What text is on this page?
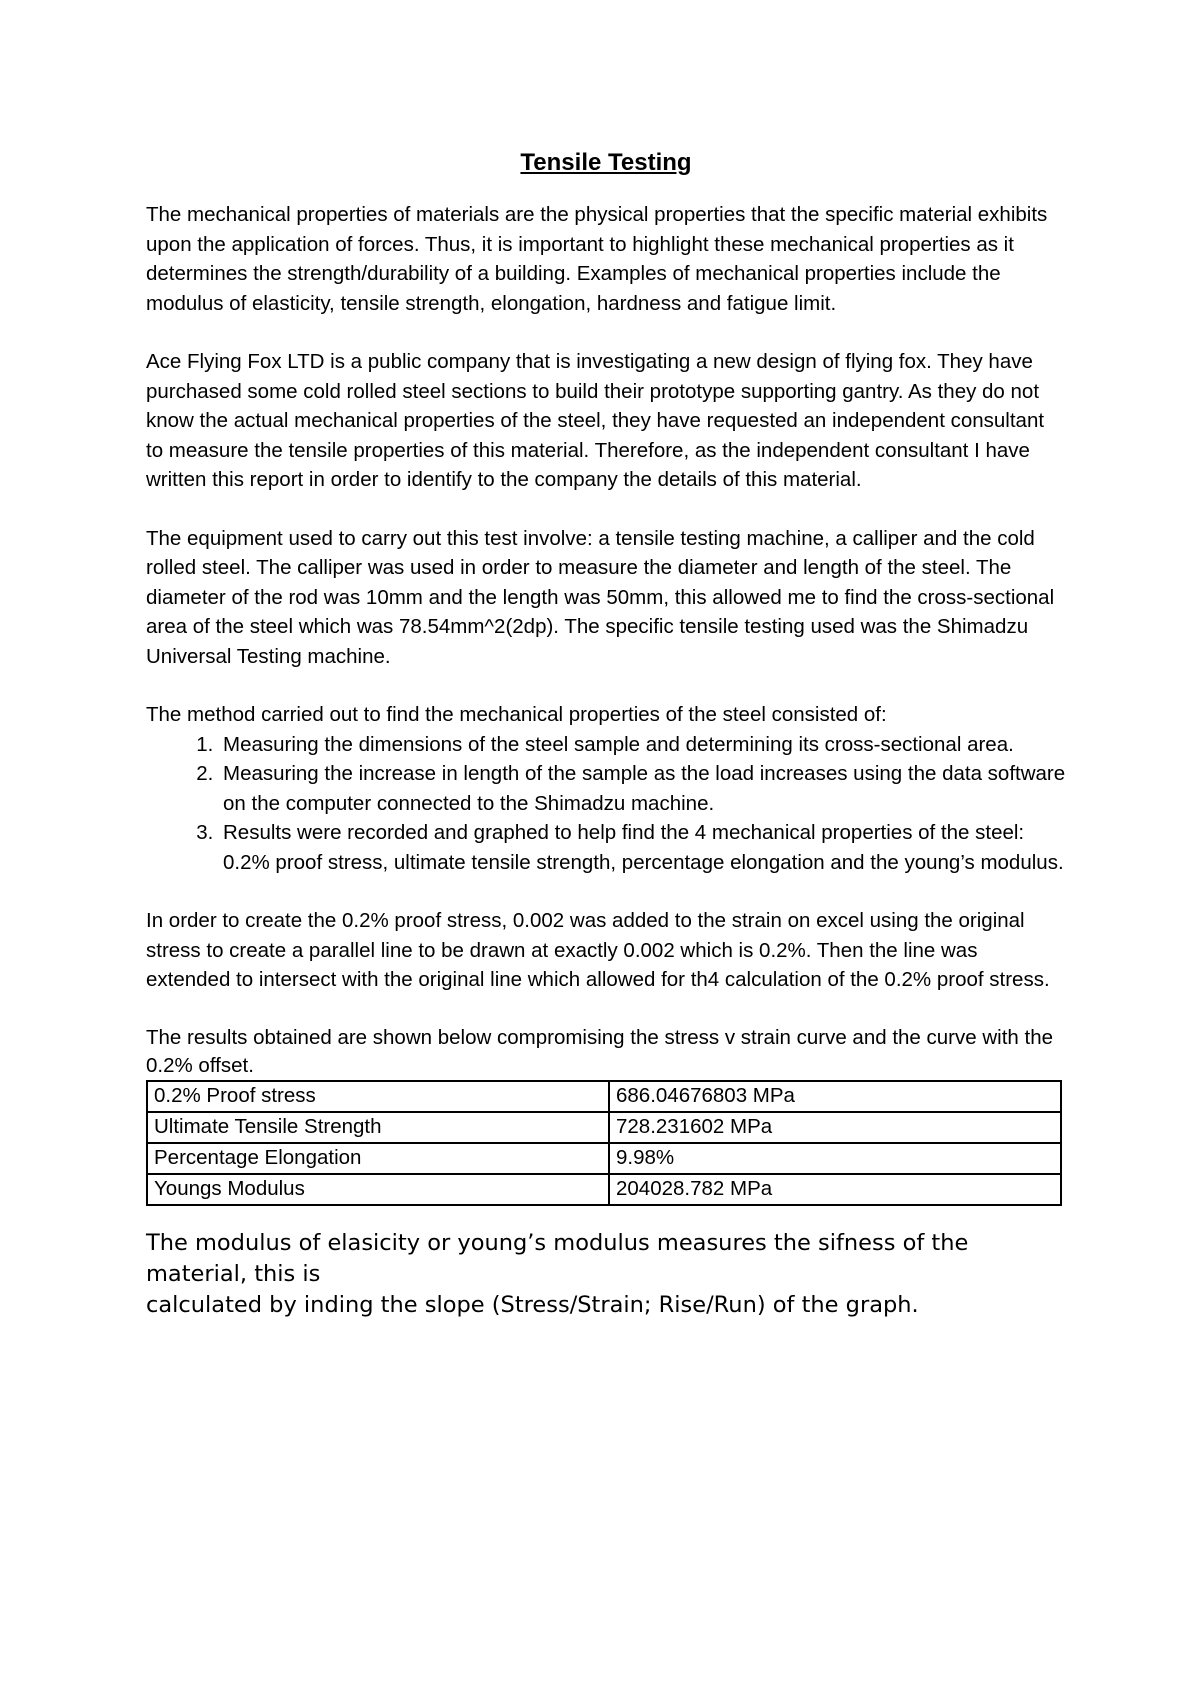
Tensile Testing

The mechanical properties of materials are the physical properties that the specific material exhibits upon the application of forces. Thus, it is important to highlight these mechanical properties as it determines the strength/durability of a building. Examples of mechanical properties include the modulus of elasticity, tensile strength, elongation, hardness and fatigue limit.

Ace Flying Fox LTD is a public company that is investigating a new design of flying fox. They have purchased some cold rolled steel sections to build their prototype supporting gantry. As they do not know the actual mechanical properties of the steel, they have requested an independent consultant to measure the tensile properties of this material. Therefore, as the independent consultant I have written this report in order to identify to the company the details of this material.

The equipment used to carry out this test involve: a tensile testing machine, a calliper and the cold rolled steel. The calliper was used in order to measure the diameter and length of the steel. The diameter of the rod was 10mm and the length was 50mm, this allowed me to find the cross-sectional area of the steel which was 78.54mm^2(2dp). The specific tensile testing used was the Shimadzu Universal Testing machine.

The method carried out to find the mechanical properties of the steel consisted of:

1. Measuring the dimensions of the steel sample and determining its cross-sectional area.
2. Measuring the increase in length of the sample as the load increases using the data software on the computer connected to the Shimadzu machine.
3. Results were recorded and graphed to help find the 4 mechanical properties of the steel: 0.2% proof stress, ultimate tensile strength, percentage elongation and the young’s modulus.

In order to create the 0.2% proof stress, 0.002 was added to the strain on excel using the original stress to create a parallel line to be drawn at exactly 0.002 which is 0.2%. Then the line was extended to intersect with the original line which allowed for th4 calculation of the 0.2% proof stress.

The results obtained are shown below compromising the stress v strain curve and the curve with the 0.2% offset.

0.2% Proof stress	686.04676803 MPa
Ultimate Tensile Strength	728.231602 MPa
Percentage Elongation	9.98%
Youngs Modulus	204028.782 MPa

The modulus of elasicity or young’s modulus measures the sifness of the material, this is
calculated by inding the slope (Stress/Strain; Rise/Run) of the graph.
